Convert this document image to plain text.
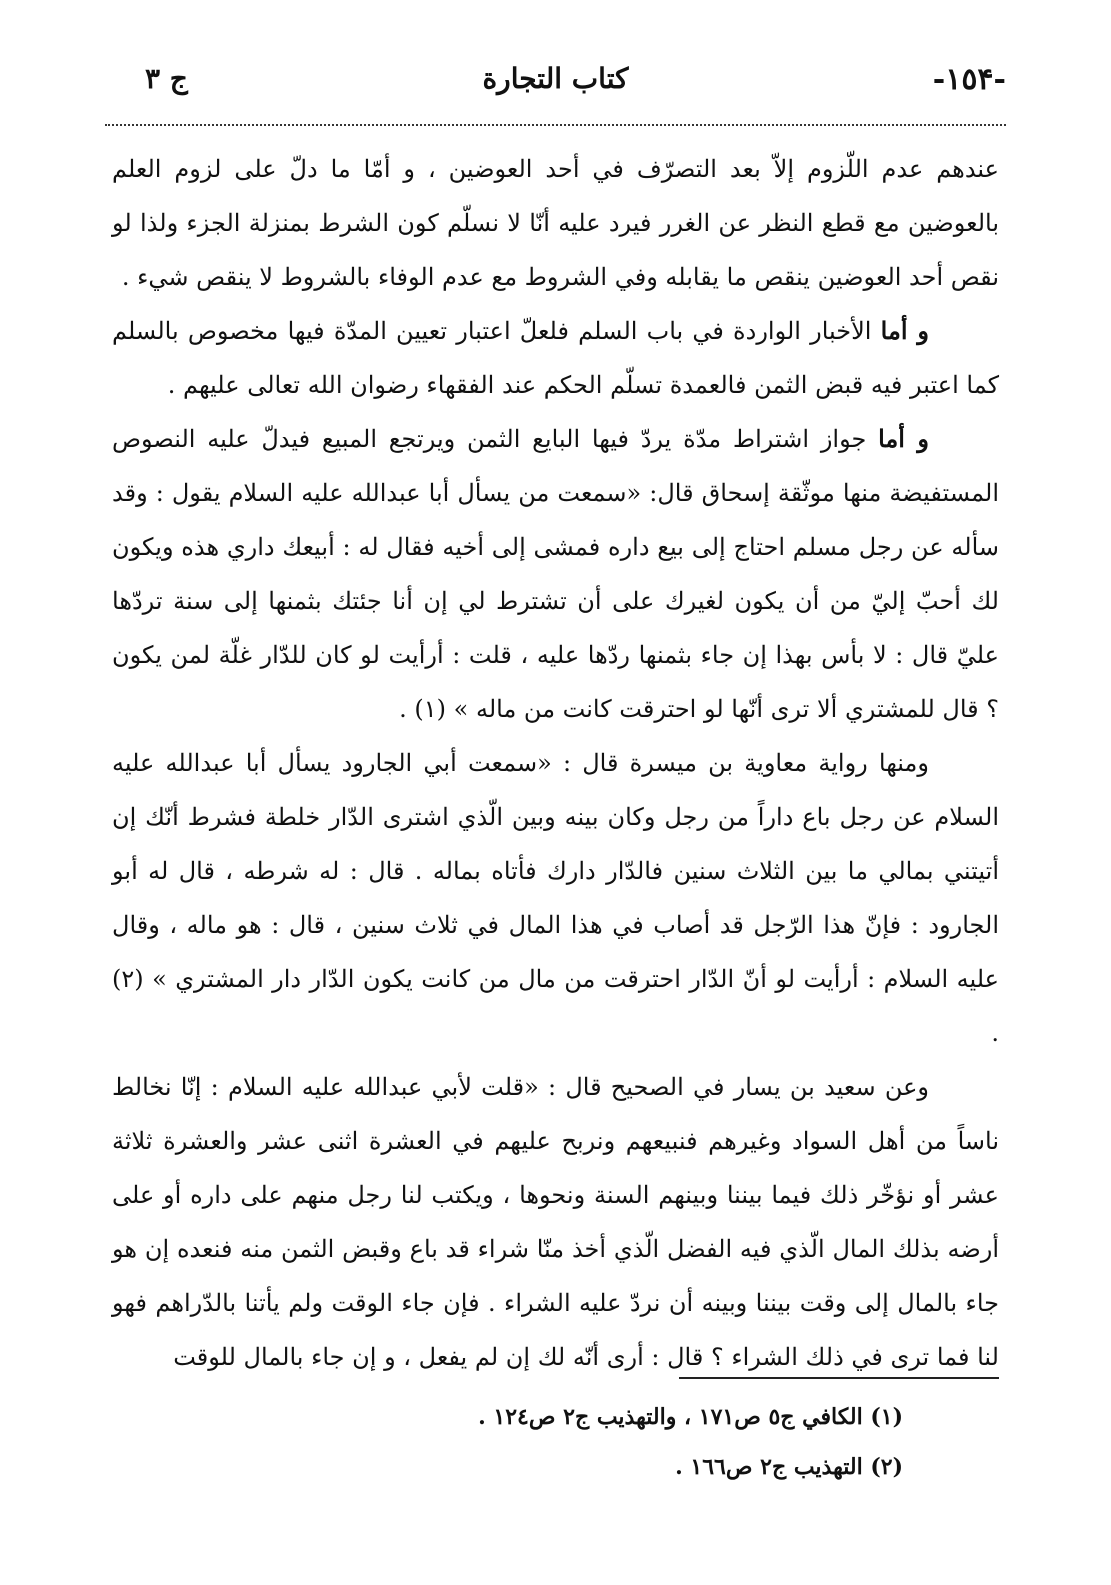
-١٥۴-
كتاب التجارة
ج ٣

عندهم عدم اللّزوم إلاّ بعد التصرّف في أحد العوضين ، و أمّا ما دلّ على لزوم العلم بالعوضين مع قطع النظر عن الغرر فيرد عليه أنّا لا نسلّم كون الشرط بمنزلة الجزء ولذا لو نقص أحد العوضين ينقص ما يقابله وفي الشروط مع عدم الوفاء بالشروط لا ينقص شيء .

و أما الأخبار الواردة في باب السلم فلعلّ اعتبار تعيين المدّة فيها مخصوص بالسلم كما اعتبر فيه قبض الثمن فالعمدة تسلّم الحكم عند الفقهاء رضوان الله تعالى عليهم .

و أما جواز اشتراط مدّة يردّ فيها البايع الثمن ويرتجع المبيع فيدلّ عليه النصوص المستفيضة منها موثّقة إسحاق قال: «سمعت من يسأل أبا عبدالله عليه السلام يقول : وقد سأله عن رجل مسلم احتاج إلى بيع داره فمشى إلى أخيه فقال له : أبيعك داري هذه ويكون لك أحبّ إليّ من أن يكون لغيرك على أن تشترط لي إن أنا جئتك بثمنها إلى سنة تردّها عليّ قال : لا بأس بهذا إن جاء بثمنها ردّها عليه ، قلت : أرأيت لو كان للدّار غلّة لمن يكون ؟ قال للمشتري ألا ترى أنّها لو احترقت كانت من ماله » (١) .

ومنها رواية معاوية بن ميسرة قال : «سمعت أبي الجارود يسأل أبا عبدالله عليه السلام عن رجل باع داراً من رجل وكان بينه وبين الّذي اشترى الدّار خلطة فشرط أنّك إن أتيتني بمالي ما بين الثلاث سنين فالدّار دارك فأتاه بماله . قال : له شرطه ، قال له أبو الجارود : فإنّ هذا الرّجل قد أصاب في هذا المال في ثلاث سنين ، قال : هو ماله ، وقال عليه السلام : أرأيت لو أنّ الدّار احترقت من مال من كانت يكون الدّار دار المشتري » (٢) .

وعن سعيد بن يسار في الصحيح قال : «قلت لأبي عبدالله عليه السلام : إنّا نخالط ناساً من أهل السواد وغيرهم فنبيعهم ونربح عليهم في العشرة اثنى عشر والعشرة ثلاثة عشر أو نؤخّر ذلك فيما بيننا وبينهم السنة ونحوها ، ويكتب لنا رجل منهم على داره أو على أرضه بذلك المال الّذي فيه الفضل الّذي أخذ منّا شراء قد باع وقبض الثمن منه فنعده إن هو جاء بالمال إلى وقت بيننا وبينه أن نردّ عليه الشراء . فإن جاء الوقت ولم يأتنا بالدّراهم فهو لنا فما ترى في ذلك الشراء ؟ قال : أرى أنّه لك إن لم يفعل ، و إن جاء بالمال للوقت

(١) الكافي ج٥ ص١٧١ ، والتهذيب ج٢ ص١٢٤ .
(٢) التهذيب ج٢ ص١٦٦ .
